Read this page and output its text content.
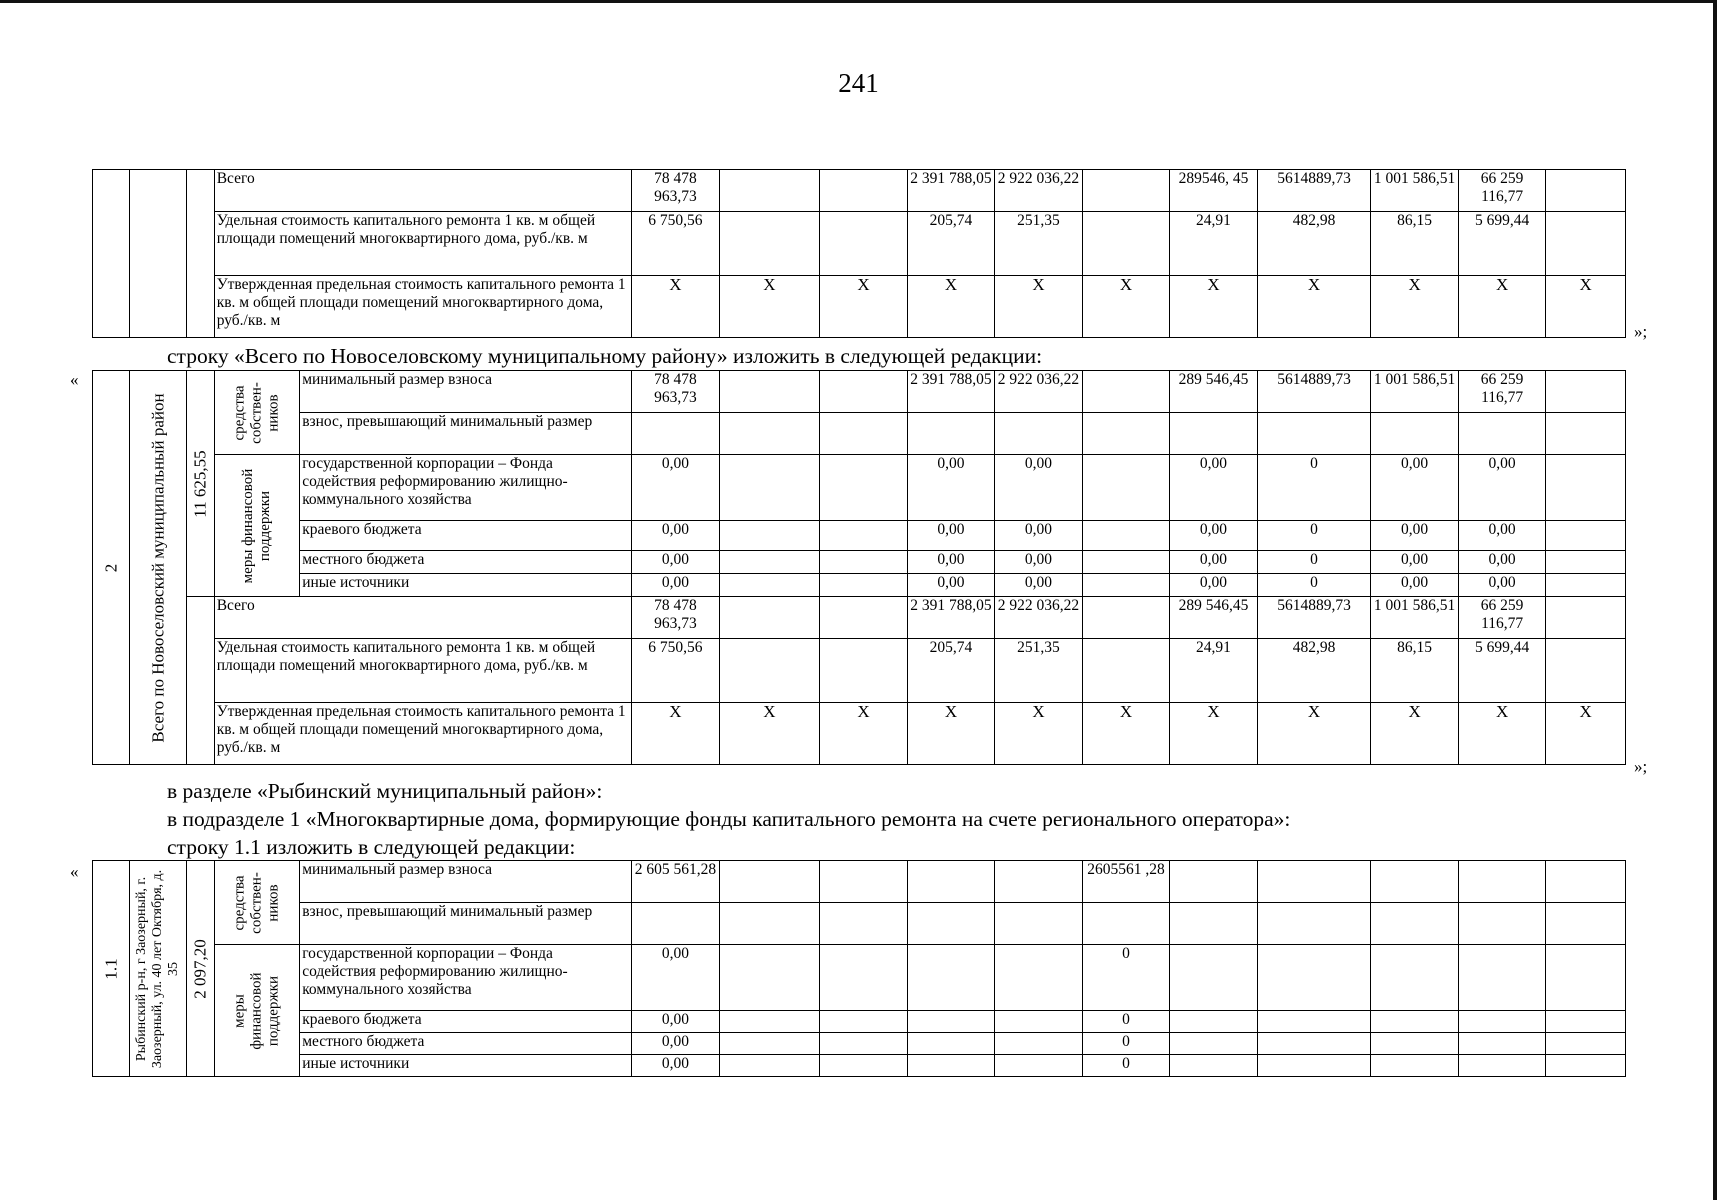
241
			Всего	78 478 963,73			2 391 788,05	2 922 036,22		289546, 45	5614889,73	1 001 586,51	66 259 116,77	
			Удельная стоимость капитального ремонта 1 кв. м общей площади помещений многоквартирного дома, руб./кв. м	6 750,56			205,74	251,35		24,91	482,98	86,15	5 699,44	
			Утвержденная предельная стоимость капитального ремонта 1 кв. м общей площади помещений многоквартирного дома, руб./кв. м	X	X	X	X	X	X	X	X	X	X	X
»;
строку «Всего по Новоселовскому муниципальному району» изложить в следующей редакции:
«
2	Всего по Новоселовский муниципальный район	11 625,55	средства собствен-ников	минимальный размер взноса	78 478 963,73			2 391 788,05	2 922 036,22		289 546,45	5614889,73	1 001 586,51	66 259 116,77	
				взнос, превышающий минимальный размер											

			меры финансовой поддержки	государственной корпорации – Фонда содействия реформированию жилищно-коммунального хозяйства	0,00			0,00	0,00		0,00	0	0,00	0,00	
				краевого бюджета	0,00			0,00	0,00		0,00	0	0,00	0,00	
				местного бюджета	0,00			0,00	0,00		0,00	0	0,00	0,00	
				иные источники	0,00			0,00	0,00		0,00	0	0,00	0,00	
			Всего		78 478 963,73			2 391 788,05	2 922 036,22		289 546,45	5614889,73	1 001 586,51	66 259 116,77	
			Удельная стоимость капитального ремонта 1 кв. м общей площади помещений многоквартирного дома, руб./кв. м		6 750,56			205,74	251,35		24,91	482,98	86,15	5 699,44	
			Утвержденная предельная стоимость капитального ремонта 1 кв. м общей площади помещений многоквартирного дома, руб./кв. м		X	X	X	X	X	X	X	X	X	X	X
»;
в разделе «Рыбинский муниципальный район»:
в подразделе 1 «Многоквартирные дома, формирующие фонды капитального ремонта на счете регионального оператора»:
строку 1.1 изложить в следующей редакции:
«
1.1	Рыбинский р-н, г Заозерный, г. Заозерный, ул. 40 лет Октября, д. 35	2 097,20	средства собствен-ников	минимальный размер взноса	2 605 561,28					2605561 ,28					
				взнос, превышающий минимальный размер											

			меры финансовой поддержки	государственной корпорации – Фонда содействия реформированию жилищно-коммунального хозяйства	0,00					0					
				краевого бюджета	0,00					0					
				местного бюджета	0,00					0					
				иные источники	0,00					0					
